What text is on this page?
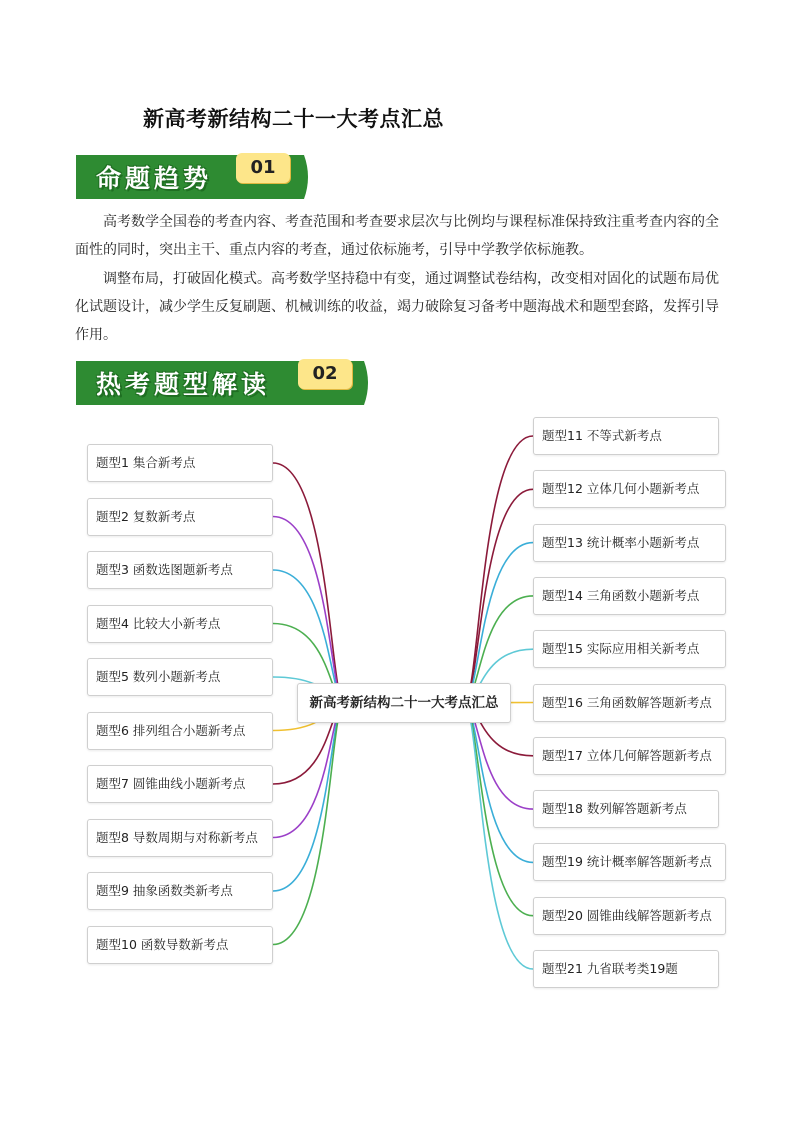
新高考新结构二十一大考点汇总
命题趋势	01
高考数学全国卷的考查内容、考查范围和考查要求层次与比例均与课程标准保持致注重考查内容的全面性的同时，突出主干、重点内容的考查，通过依标施考，引导中学教学依标施教。
调整布局，打破固化模式。高考数学坚持稳中有变，通过调整试卷结构，改变相对固化的试题布局优化试题设计，减少学生反复刷题、机械训练的收益，竭力破除复习备考中题海战术和题型套路，发挥引导作用。
热考题型解读	02
新高考新结构二十一大考点汇总
题型1 集合新考点
题型2 复数新考点
题型3 函数选图题新考点
题型4 比较大小新考点
题型5 数列小题新考点
题型6 排列组合小题新考点
题型7 圆锥曲线小题新考点
题型8 导数周期与对称新考点
题型9 抽象函数类新考点
题型10 函数导数新考点
题型11 不等式新考点
题型12 立体几何小题新考点
题型13 统计概率小题新考点
题型14 三角函数小题新考点
题型15 实际应用相关新考点
题型16 三角函数解答题新考点
题型17 立体几何解答题新考点
题型18 数列解答题新考点
题型19 统计概率解答题新考点
题型20 圆锥曲线解答题新考点
题型21 九省联考类19题
